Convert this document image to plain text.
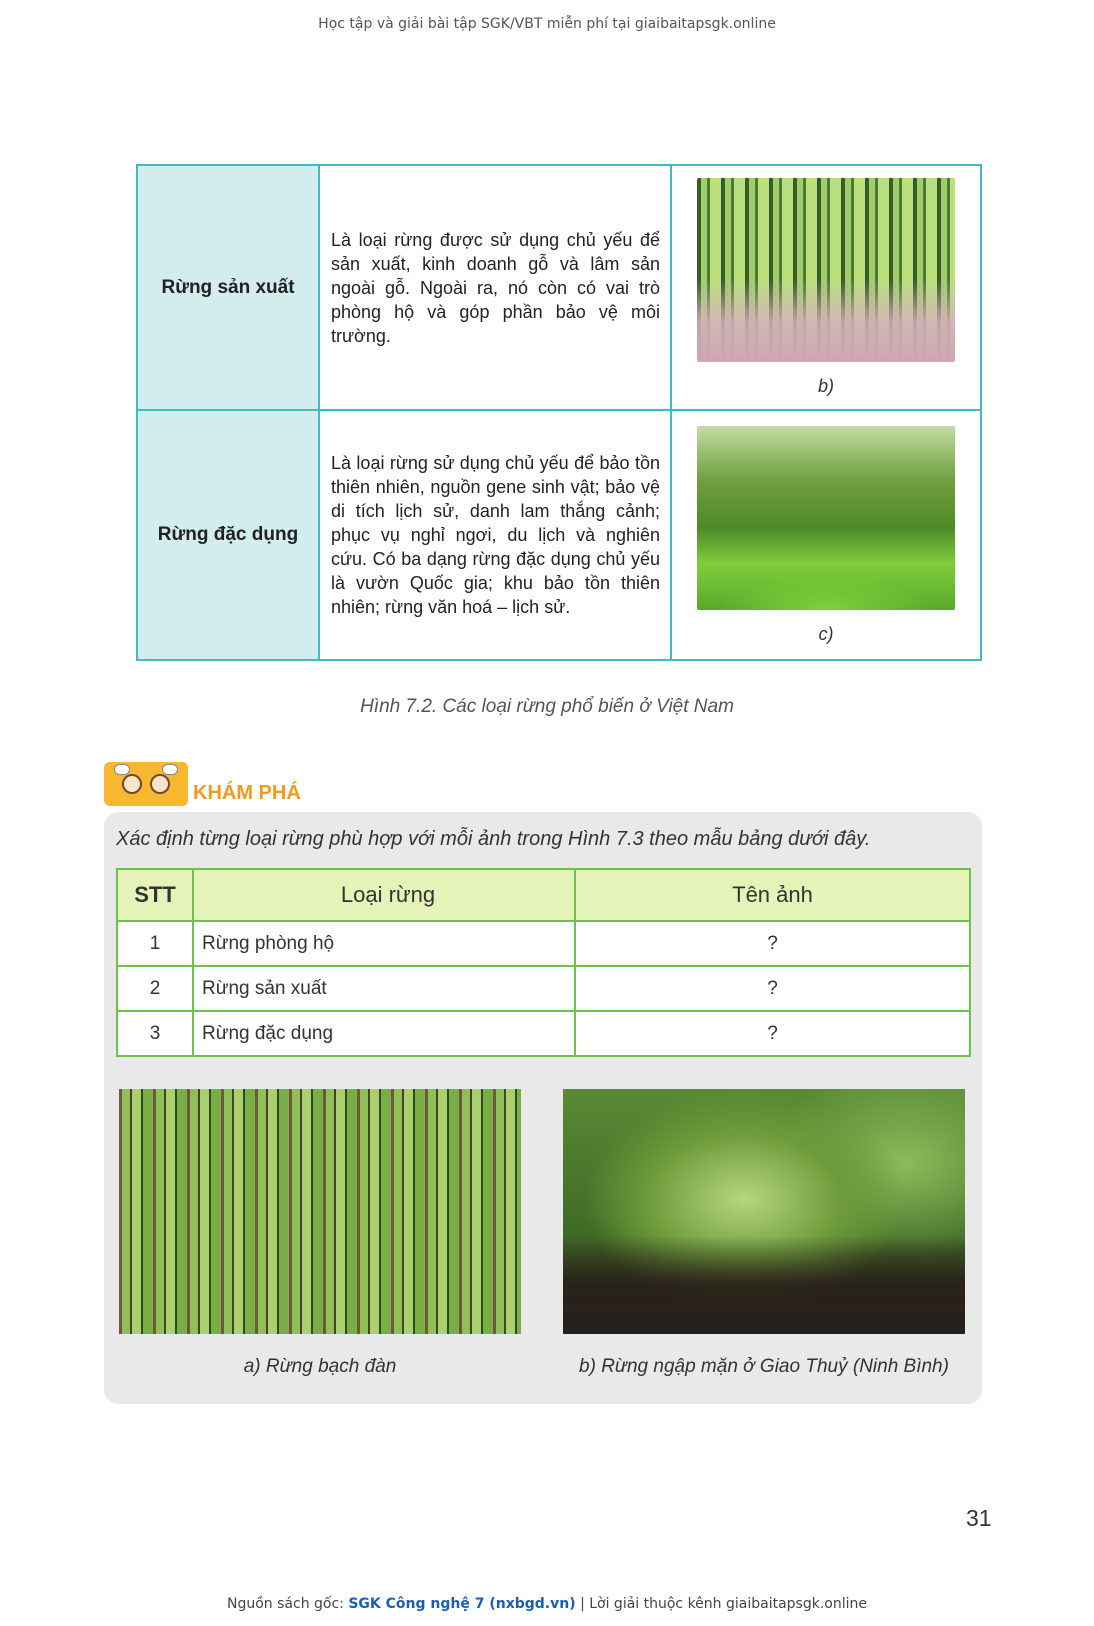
Học tập và giải bài tập SGK/VBT miễn phí tại giaibaitapsgk.online
Rừng sản xuất	Là loại rừng được sử dụng chủ yếu để sản xuất, kinh doanh gỗ và lâm sản ngoài gỗ. Ngoài ra, nó còn có vai trò phòng hộ và góp phần bảo vệ môi trường.	b)

Rừng đặc dụng	Là loại rừng sử dụng chủ yếu để bảo tồn thiên nhiên, nguồn gene sinh vật; bảo vệ di tích lịch sử, danh lam thắng cảnh; phục vụ nghỉ ngơi, du lịch và nghiên cứu. Có ba dạng rừng đặc dụng chủ yếu là vườn Quốc gia; khu bảo tồn thiên nhiên; rừng văn hoá – lịch sử.	c)
Hình 7.2. Các loại rừng phổ biến ở Việt Nam
KHÁM PHÁ
Xác định từng loại rừng phù hợp với mỗi ảnh trong Hình 7.3 theo mẫu bảng dưới đây.
STT	Loại rừng	Tên ảnh
1	Rừng phòng hộ	?
2	Rừng sản xuất	?
3	Rừng đặc dụng	?
a) Rừng bạch đàn	b) Rừng ngập mặn ở Giao Thuỷ (Ninh Bình)
31
Nguồn sách gốc: SGK Công nghệ 7 (nxbgd.vn) | Lời giải thuộc kênh giaibaitapsgk.online
